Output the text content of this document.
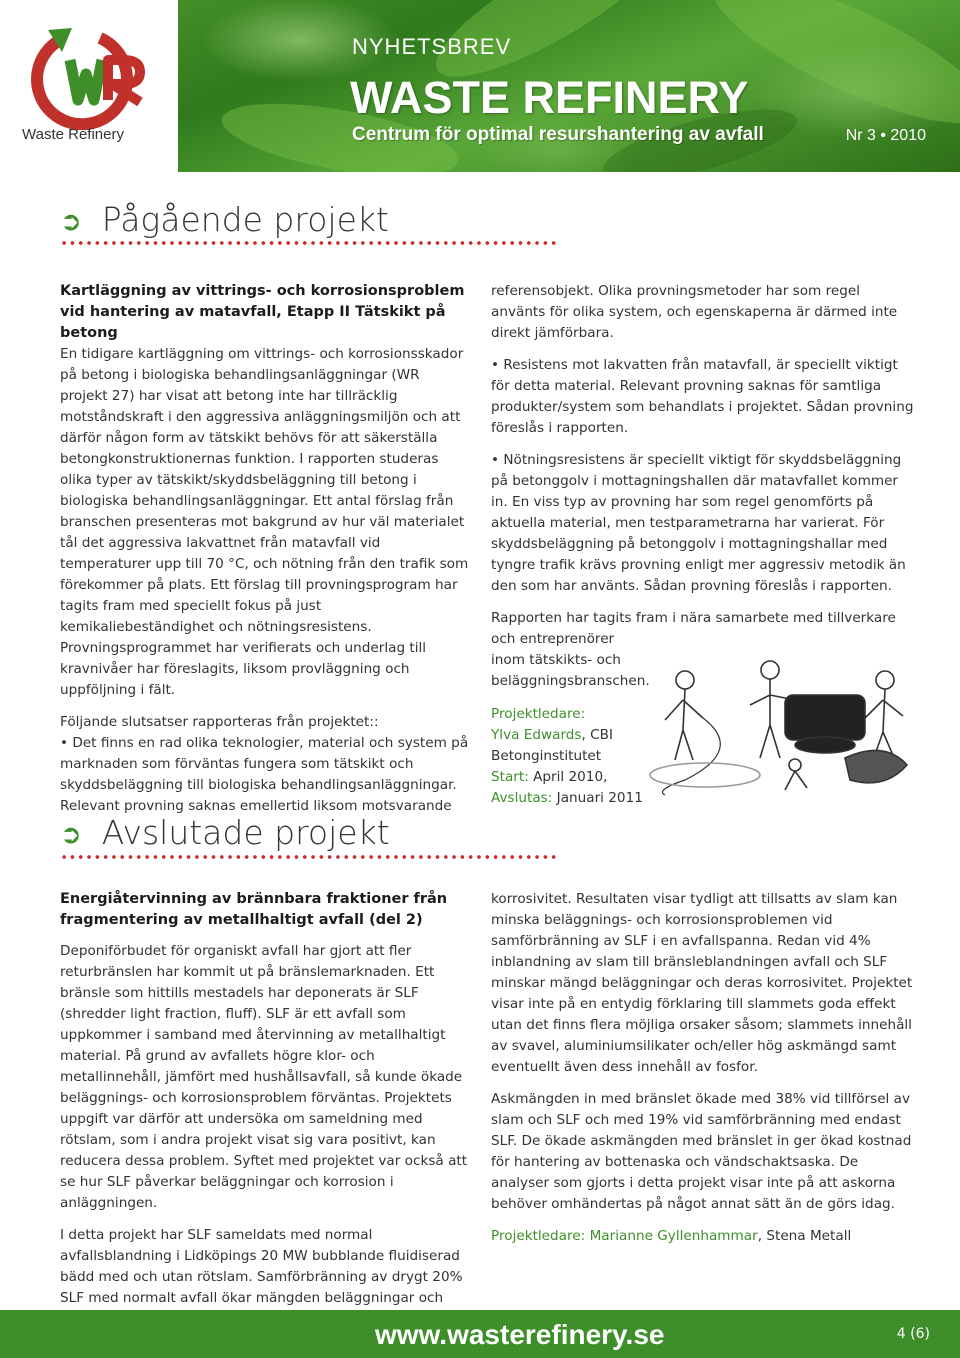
Waste Refinery
NYHETSBREV
WASTE REFINERY
Centrum för optimal resurshantering av avfall	Nr 3 • 2010
➲ Pågående projekt
Kartläggning av vittrings- och korrosionsproblem vid hantering av matavfall, Etapp II Tätskikt på betong

En tidigare kartläggning om vittrings- och korrosionsskador på betong i biologiska behandlingsanläggningar (WR projekt 27) har visat att betong inte har tillräcklig motståndskraft i den aggressiva anläggningsmiljön och att därför någon form av tätskikt behövs för att säkerställa betongkonstruktionernas funktion. I rapporten studeras olika typer av tätskikt/skyddsbeläggning till betong i biologiska behandlingsanläggningar. Ett antal förslag från branschen presenteras mot bakgrund av hur väl materialet tål det aggressiva lakvattnet från matavfall vid temperaturer upp till 70 °C, och nötning från den trafik som förekommer på plats. Ett förslag till provningsprogram har tagits fram med speciellt fokus på just kemikaliebeständighet och nötningsresistens. Provningsprogrammet har verifierats och underlag till kravnivåer har föreslagits, liksom provläggning och uppföljning i fält.

Följande slutsatser rapporteras från projektet::

• Det finns en rad olika teknologier, material och system på marknaden som förväntas fungera som tätskikt och skyddsbeläggning till biologiska behandlingsanläggningar. Relevant provning saknas emellertid liksom motsvarande

referensobjekt. Olika provningsmetoder har som regel använts för olika system, och egenskaperna är därmed inte direkt jämförbara.

• Resistens mot lakvatten från matavfall, är speciellt viktigt för detta material. Relevant provning saknas för samtliga produkter/system som behandlats i projektet. Sådan provning föreslås i rapporten.

• Nötningsresistens är speciellt viktigt för skyddsbeläggning på betonggolv i mottagningshallen där matavfallet kommer in. En viss typ av provning har som regel genomförts på aktuella material, men testparametrarna har varierat. För skyddsbeläggning på betonggolv i mottagningshallar med tyngre trafik krävs provning enligt mer aggressiv metodik än den som har använts. Sådan provning föreslås i rapporten.

Rapporten har tagits fram i nära samarbete med tillverkare
och entreprenörer
inom tätskikts- och
beläggningsbranschen.

Projektledare:
Ylva Edwards, CBI
Betonginstitutet
Start: April 2010,
Avslutas: Januari 2011
➲ Avslutade projekt
Energiåtervinning av brännbara fraktioner från fragmentering av metallhaltigt avfall (del 2)

Deponiförbudet för organiskt avfall har gjort att fler returbränslen har kommit ut på bränslemarknaden. Ett bränsle som hittills mestadels har deponerats är SLF (shredder light fraction, fluff). SLF är ett avfall som uppkommer i samband med återvinning av metallhaltigt material. På grund av avfallets högre klor- och metallinnehåll, jämfört med hushållsavfall, så kunde ökade beläggnings- och korrosionsproblem förväntas. Projektets uppgift var därför att undersöka om sameldning med rötslam, som i andra projekt visat sig vara positivt, kan reducera dessa problem. Syftet med projektet var också att se hur SLF påverkar beläggningar och korrosion i anläggningen.

I detta projekt har SLF sameldats med normal avfallsblandning i Lidköpings 20 MW bubblande fluidiserad bädd med och utan rötslam. Samförbränning av drygt 20% SLF med normalt avfall ökar mängden beläggningar och

korrosivitet. Resultaten visar tydligt att tillsatts av slam kan minska beläggnings- och korrosionsproblemen vid samförbränning av SLF i en avfallspanna. Redan vid 4% inblandning av slam till bränsleblandningen avfall och SLF minskar mängd beläggningar och deras korrosivitet. Projektet visar inte på en entydig förklaring till slammets goda effekt utan det finns flera möjliga orsaker såsom; slammets innehåll av svavel, aluminiumsilikater och/eller hög askmängd samt eventuellt även dess innehåll av fosfor.

Askmängden in med bränslet ökade med 38% vid tillförsel av slam och SLF och med 19% vid samförbränning med endast SLF. De ökade askmängden med bränslet in ger ökad kostnad för hantering av bottenaska och vändschaktsaska. De analyser som gjorts i detta projekt visar inte på att askorna behöver omhändertas på något annat sätt än de görs idag.

Projektledare: Marianne Gyllenhammar, Stena Metall

www.wasterefinery.se	4 (6)
